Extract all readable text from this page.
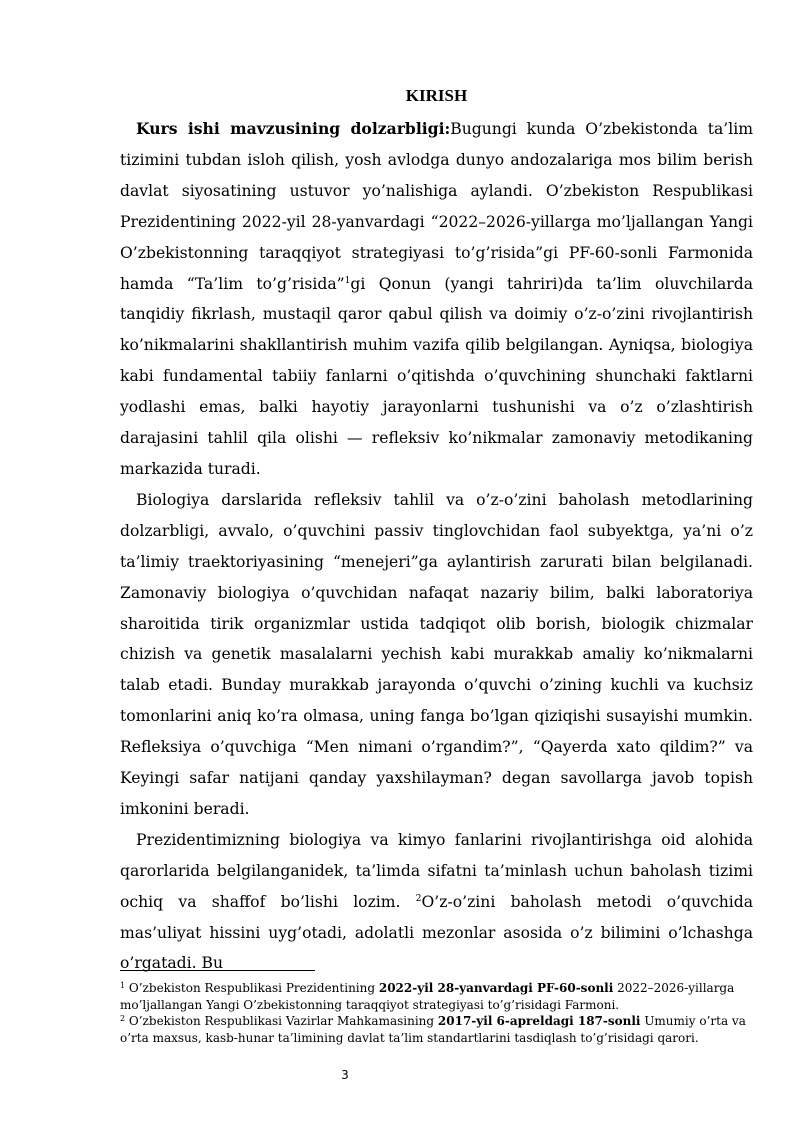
KIRISH

Kurs ishi mavzusining dolzarbligi:Bugungi kunda O’zbekistonda ta’lim tizimini tubdan isloh qilish, yosh avlodga dunyo andozalariga mos bilim berish davlat siyosatining ustuvor yo’nalishiga aylandi. O’zbekiston Respublikasi Prezidentining 2022-yil 28-yanvardagi “2022–2026-yillarga mo’ljallangan Yangi O’zbekistonning taraqqiyot strategiyasi to’g’risida”gi PF-60-sonli Farmonida hamda “Ta’lim to’g’risida”$^1$gi Qonun (yangi tahriri)da ta’lim oluvchilarda tanqidiy fikrlash, mustaqil qaror qabul qilish va doimiy o’z-o’zini rivojlantirish ko’nikmalarini shakllantirish muhim vazifa qilib belgilangan. Ayniqsa, biologiya kabi fundamental tabiiy fanlarni o’qitishda o’quvchining shunchaki faktlarni yodlashi emas, balki hayotiy jarayonlarni tushunishi va o’z o’zlashtirish darajasini tahlil qila olishi — refleksiv ko’nikmalar zamonaviy metodikaning markazida turadi.

Biologiya darslarida refleksiv tahlil va o’z-o’zini baholash metodlarining dolzarbligi, avvalo, o’quvchini passiv tinglovchidan faol subyektga, ya’ni o’z ta’limiy traektoriyasining “menejeri”ga aylantirish zarurati bilan belgilanadi. Zamonaviy biologiya o’quvchidan nafaqat nazariy bilim, balki laboratoriya sharoitida tirik organizmlar ustida tadqiqot olib borish, biologik chizmalar chizish va genetik masalalarni yechish kabi murakkab amaliy ko’nikmalarni talab etadi. Bunday murakkab jarayonda o’quvchi o’zining kuchli va kuchsiz tomonlarini aniq ko’ra olmasa, uning fanga bo’lgan qiziqishi susayishi mumkin. Refleksiya o’quvchiga “Men nimani o’rgandim?”, “Qayerda xato qildim?” va Keyingi safar natijani qanday yaxshilayman? degan savollarga javob topish imkonini beradi.

Prezidentimizning biologiya va kimyo fanlarini rivojlantirishga oid alohida qarorlarida belgilanganidek, ta’limda sifatni ta’minlash uchun baholash tizimi ochiq va shaffof bo’lishi lozim. $^2$O’z-o’zini baholash metodi o’quvchida mas’uliyat hissini uyg’otadi, adolatli mezonlar asosida o’z bilimini o’lchashga o’rgatadi. Bu

$^1$ O’zbekiston Respublikasi Prezidentining 2022-yil 28-yanvardagi PF-60-sonli 2022–2026-yillarga mo’ljallangan Yangi O’zbekistonning taraqqiyot strategiyasi to’g’risidagi Farmoni.

$^2$ O’zbekiston Respublikasi Vazirlar Mahkamasining 2017-yil 6-apreldagi 187-sonli Umumiy o’rta va o’rta maxsus, kasb-hunar ta’limining davlat ta’lim standartlarini tasdiqlash to’g’risidagi qarori.

3
